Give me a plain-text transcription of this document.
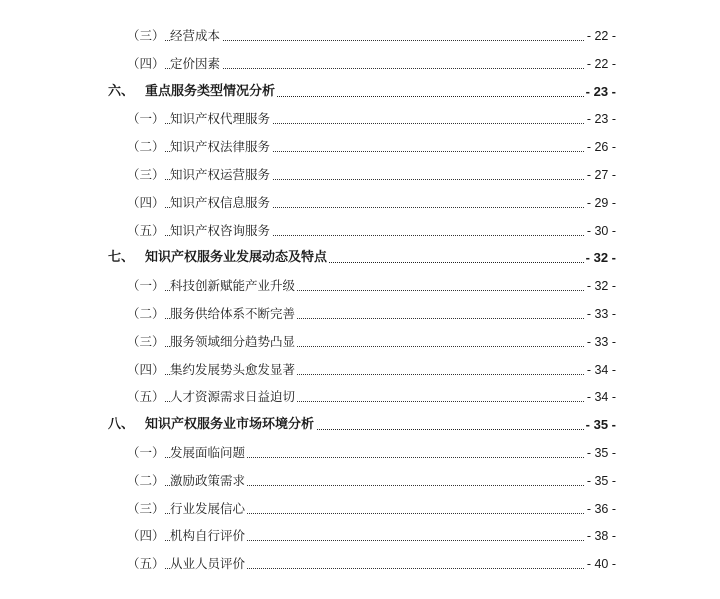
（三） 经营成本	- 22 -
（四） 定价因素	- 22 -
六、 重点服务类型情况分析	- 23 -
（一） 知识产权代理服务	- 23 -
（二） 知识产权法律服务	- 26 -
（三） 知识产权运营服务	- 27 -
（四） 知识产权信息服务	- 29 -
（五） 知识产权咨询服务	- 30 -
七、 知识产权服务业发展动态及特点	- 32 -
（一） 科技创新赋能产业升级	- 32 -
（二） 服务供给体系不断完善	- 33 -
（三） 服务领域细分趋势凸显	- 33 -
（四） 集约发展势头愈发显著	- 34 -
（五） 人才资源需求日益迫切	- 34 -
八、 知识产权服务业市场环境分析	- 35 -
（一） 发展面临问题	- 35 -
（二） 激励政策需求	- 35 -
（三） 行业发展信心	- 36 -
（四） 机构自行评价	- 38 -
（五） 从业人员评价	- 40 -
